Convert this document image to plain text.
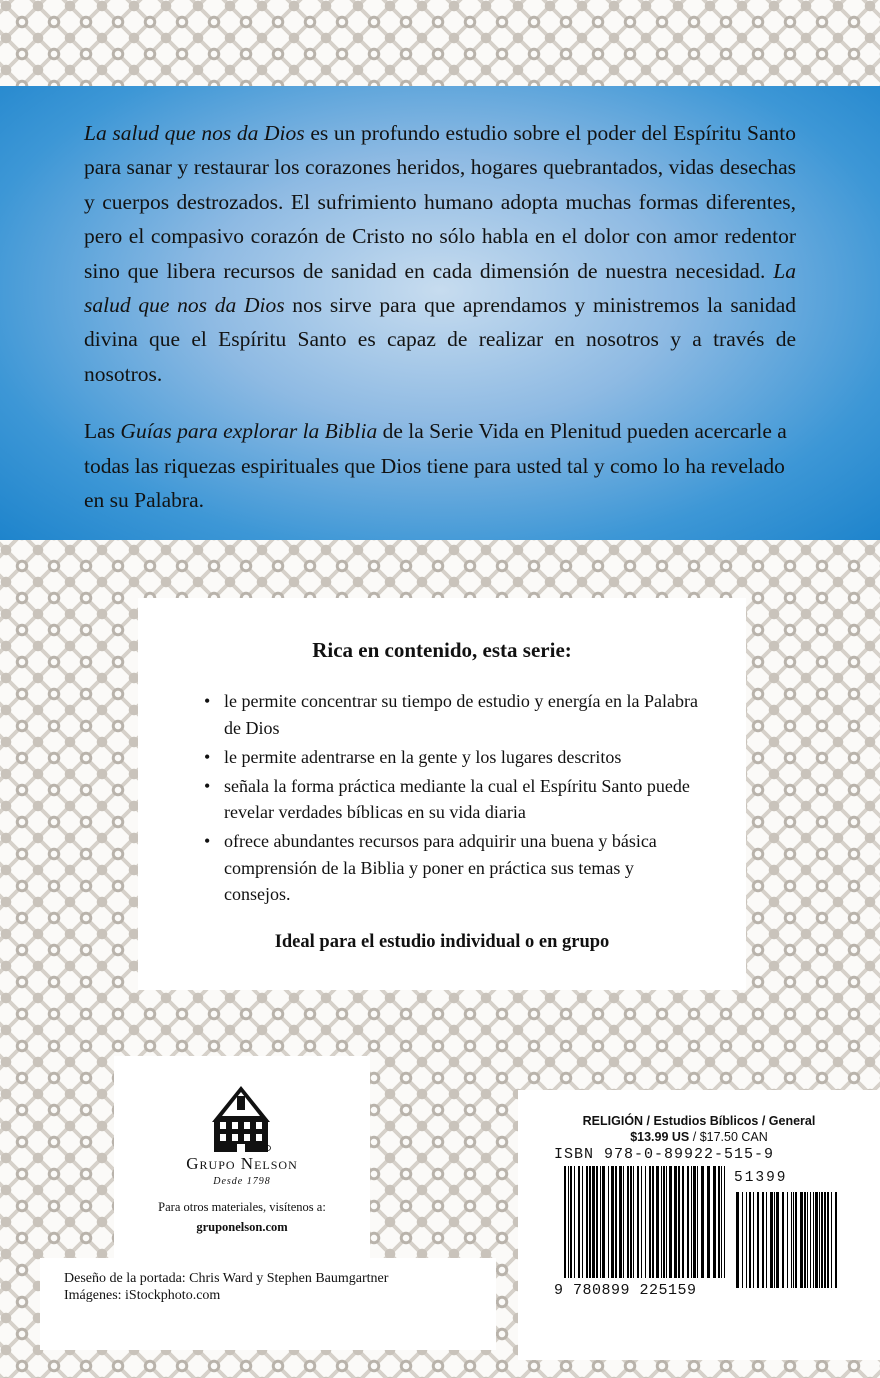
La salud que nos da Dios es un profundo estudio sobre el poder del Espíritu Santo para sanar y restaurar los corazones heridos, hogares quebrantados, vidas desechas y cuerpos destrozados. El sufrimiento humano adopta muchas formas diferentes, pero el compasivo corazón de Cristo no sólo habla en el dolor con amor redentor sino que libera recursos de sanidad en cada dimensión de nuestra necesidad. La salud que nos da Dios nos sirve para que aprendamos y ministremos la sanidad divina que el Espíritu Santo es capaz de realizar en nosotros y a través de nosotros.

Las Guías para explorar la Biblia de la Serie Vida en Plenitud pueden acercarle a todas las riquezas espirituales que Dios tiene para usted tal y como lo ha revelado en su Palabra.

Rica en contenido, esta serie:
• le permite concentrar su tiempo de estudio y energía en la Palabra de Dios
• le permite adentrarse en la gente y los lugares descritos
• señala la forma práctica mediante la cual el Espíritu Santo puede revelar verdades bíblicas en su vida diaria
• ofrece abundantes recursos para adquirir una buena y básica comprensión de la Biblia y poner en práctica sus temas y consejos.

Ideal para el estudio individual o en grupo

Grupo Nelson
Desde 1798
Para otros materiales, visítenos a:
gruponelson.com
Deseño de la portada: Chris Ward y Stephen Baumgartner
Imágenes: iStockphoto.com
RELIGIÓN / Estudios Bíblicos / General
$13.99 US / $17.50 CAN
ISBN 978-0-89922-515-9
51399
9 780899 225159
